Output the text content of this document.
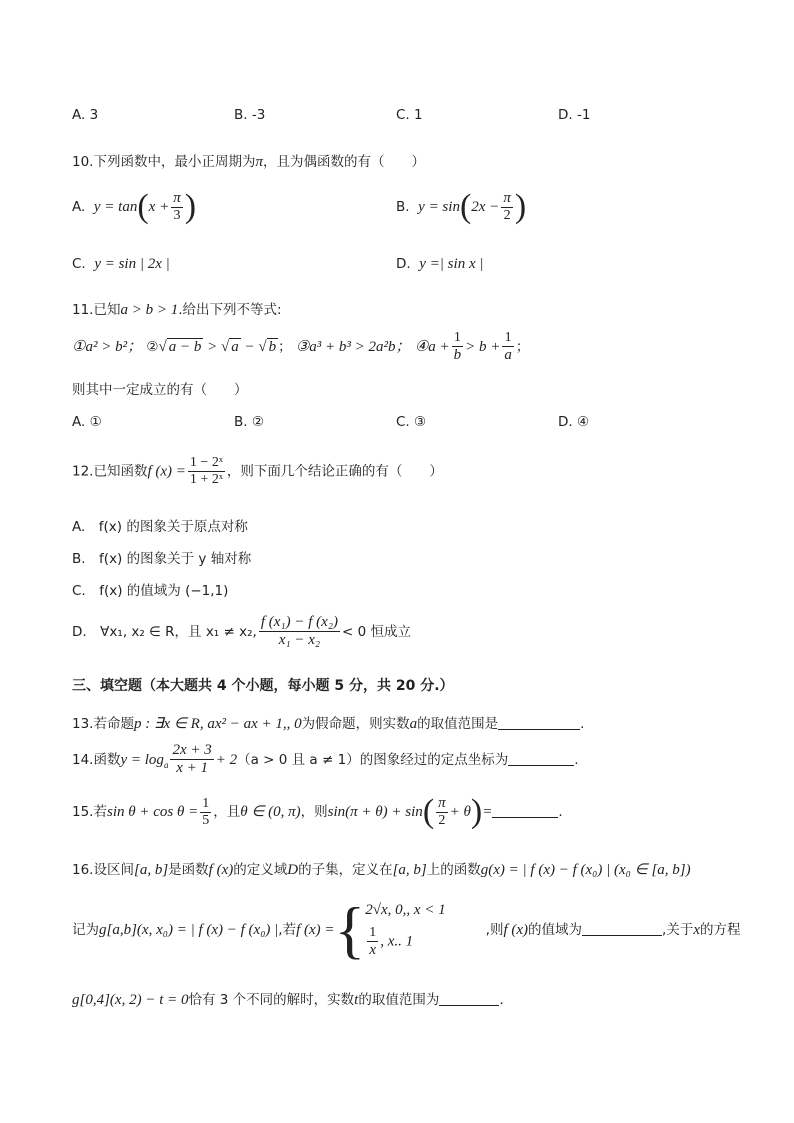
A. 3	B. -3	C. 1	D. -1
10.下列函数中，最小正周期为π，且为偶函数的有（　　）
A. $y = \tan(x + \frac{\pi}{3}$ )	B. $y = \sin(2x - \frac{\pi}{2}$ )
C. y = sin | 2x |	D. y =| sin x |
11.已知a > b > 1.给出下列不等式:
①a² > b²； ②√ a − b > √ a − √ b ； ③a³ + b³ > 2a²b； ④a + $\frac{1}{b} > b + \frac{1}{a}$ ；
则其中一定成立的有（　　）
A. ①	B. ②	C. ③	D. ④
12.已知函数f $(x) = \frac{\text{1 − 2ˣ}}{\text{1 + 2ˣ}}$ ，则下面几个结论正确的有（　　）
A.　f(x) 的图象关于原点对称
B.　f(x) 的图象关于 y 轴对称
C.　f(x) 的值域为 (−1,1)
D.　∀x₁, x₂ ∈ R，且 x₁ ≠ x₂, $\frac{\text{f (x₁) − f (x₂)}}{\text{x₁ − x₂}} < 0$ 恒成立
三、填空题（本大题共 4 个小题，每小题 5 分，共 20 分.）
13.若命题p : ∃x ∈ R, ax² − ax + 1,, 0为假命题，则实数a的取值范围是	.
14.函数$y = \log_a \frac{2x + 3}{x + 1} + 2(a > 0$ 且 a ≠ 1）的图象经过的定点坐标为	.
15.若$\sin \theta + \cos \theta = \frac{1}{5}$ ，且θ ∈ (0, π)，则$\sin(\pi + \theta) + \sin( \frac{\pi}{2} + \theta)=$	.
16.设区间[a, b]是函数f (x)的定义域D的子集，定义在[a, b]上的函数g(x) = | f (x) − f (x₀) | (x₀ ∈ [a, b])
记为g[a,b](x, x₀) = | f (x) − f (x₀) |,若f (x) ={ 2√x, 0,, x < 1
$\frac{1}{x}$ , x.. 1
,则f (x)的值域为	,关于x的方程
g[0,4](x, 2) − t = 0恰有 3 个不同的解时，实数t的取值范围为	.
